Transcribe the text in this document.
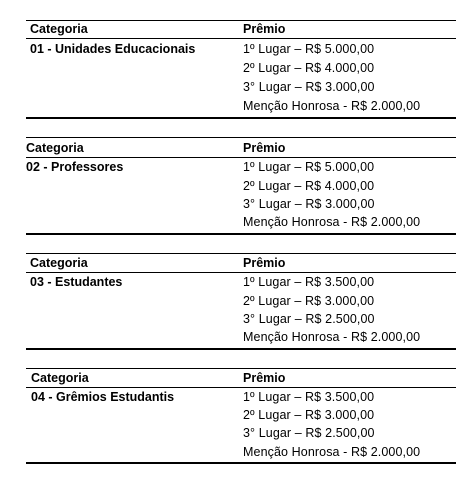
Categoria	Prêmio
01 - Unidades Educacionais	1º Lugar – R$ 5.000,00
2º Lugar – R$ 4.000,00
3° Lugar – R$ 3.000,00
Menção Honrosa - R$ 2.000,00
Categoria	Prêmio
02 - Professores	1º Lugar – R$ 5.000,00
2º Lugar – R$ 4.000,00
3° Lugar – R$ 3.000,00
Menção Honrosa - R$ 2.000,00
Categoria	Prêmio
03 - Estudantes	1º Lugar – R$ 3.500,00
2º Lugar – R$ 3.000,00
3° Lugar – R$ 2.500,00
Menção Honrosa - R$ 2.000,00
Categoria	Prêmio
04 - Grêmios Estudantis	1º Lugar – R$ 3.500,00
2º Lugar – R$ 3.000,00
3° Lugar – R$ 2.500,00
Menção Honrosa - R$ 2.000,00
